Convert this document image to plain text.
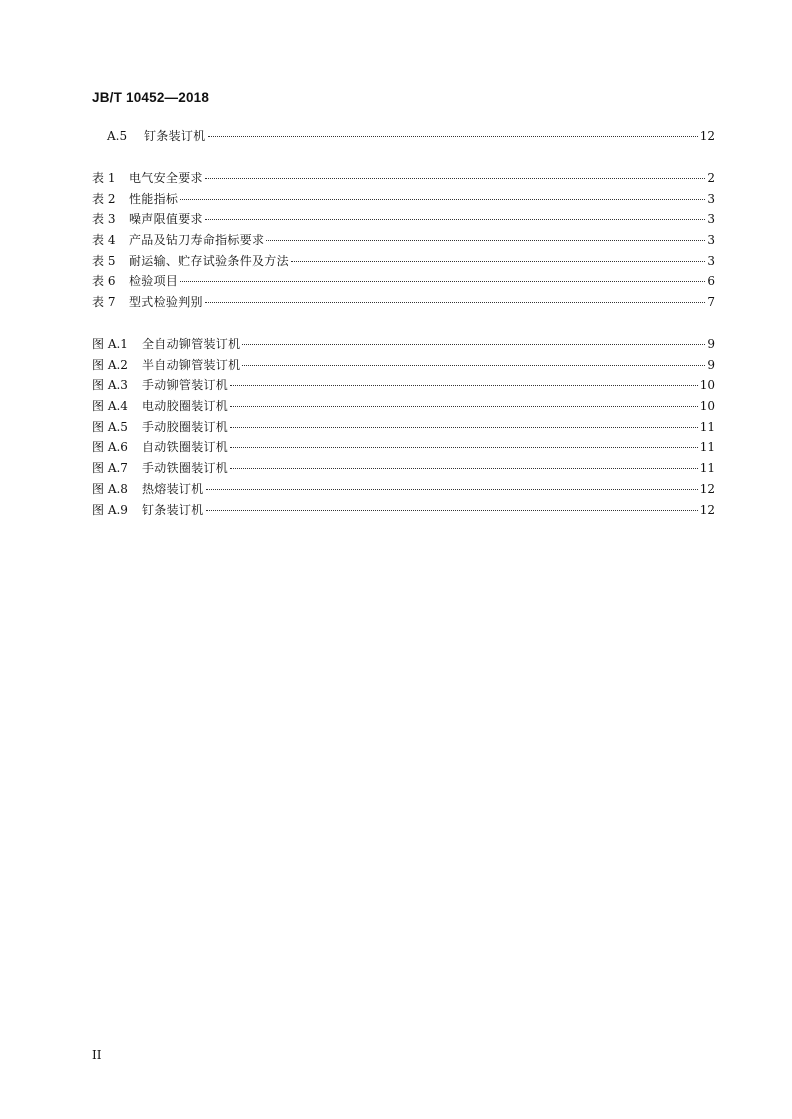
JB/T 10452—2018
A.5	钉条装订机	12
表 1	电气安全要求	2
表 2	性能指标	3
表 3	噪声限值要求	3
表 4	产品及钻刀寿命指标要求	3
表 5	耐运输、贮存试验条件及方法	3
表 6	检验项目	6
表 7	型式检验判别	7
图 A.1	全自动铆管装订机	9
图 A.2	半自动铆管装订机	9
图 A.3	手动铆管装订机	10
图 A.4	电动胶圈装订机	10
图 A.5	手动胶圈装订机	11
图 A.6	自动铁圈装订机	11
图 A.7	手动铁圈装订机	11
图 A.8	热熔装订机	12
图 A.9	钉条装订机	12
II
